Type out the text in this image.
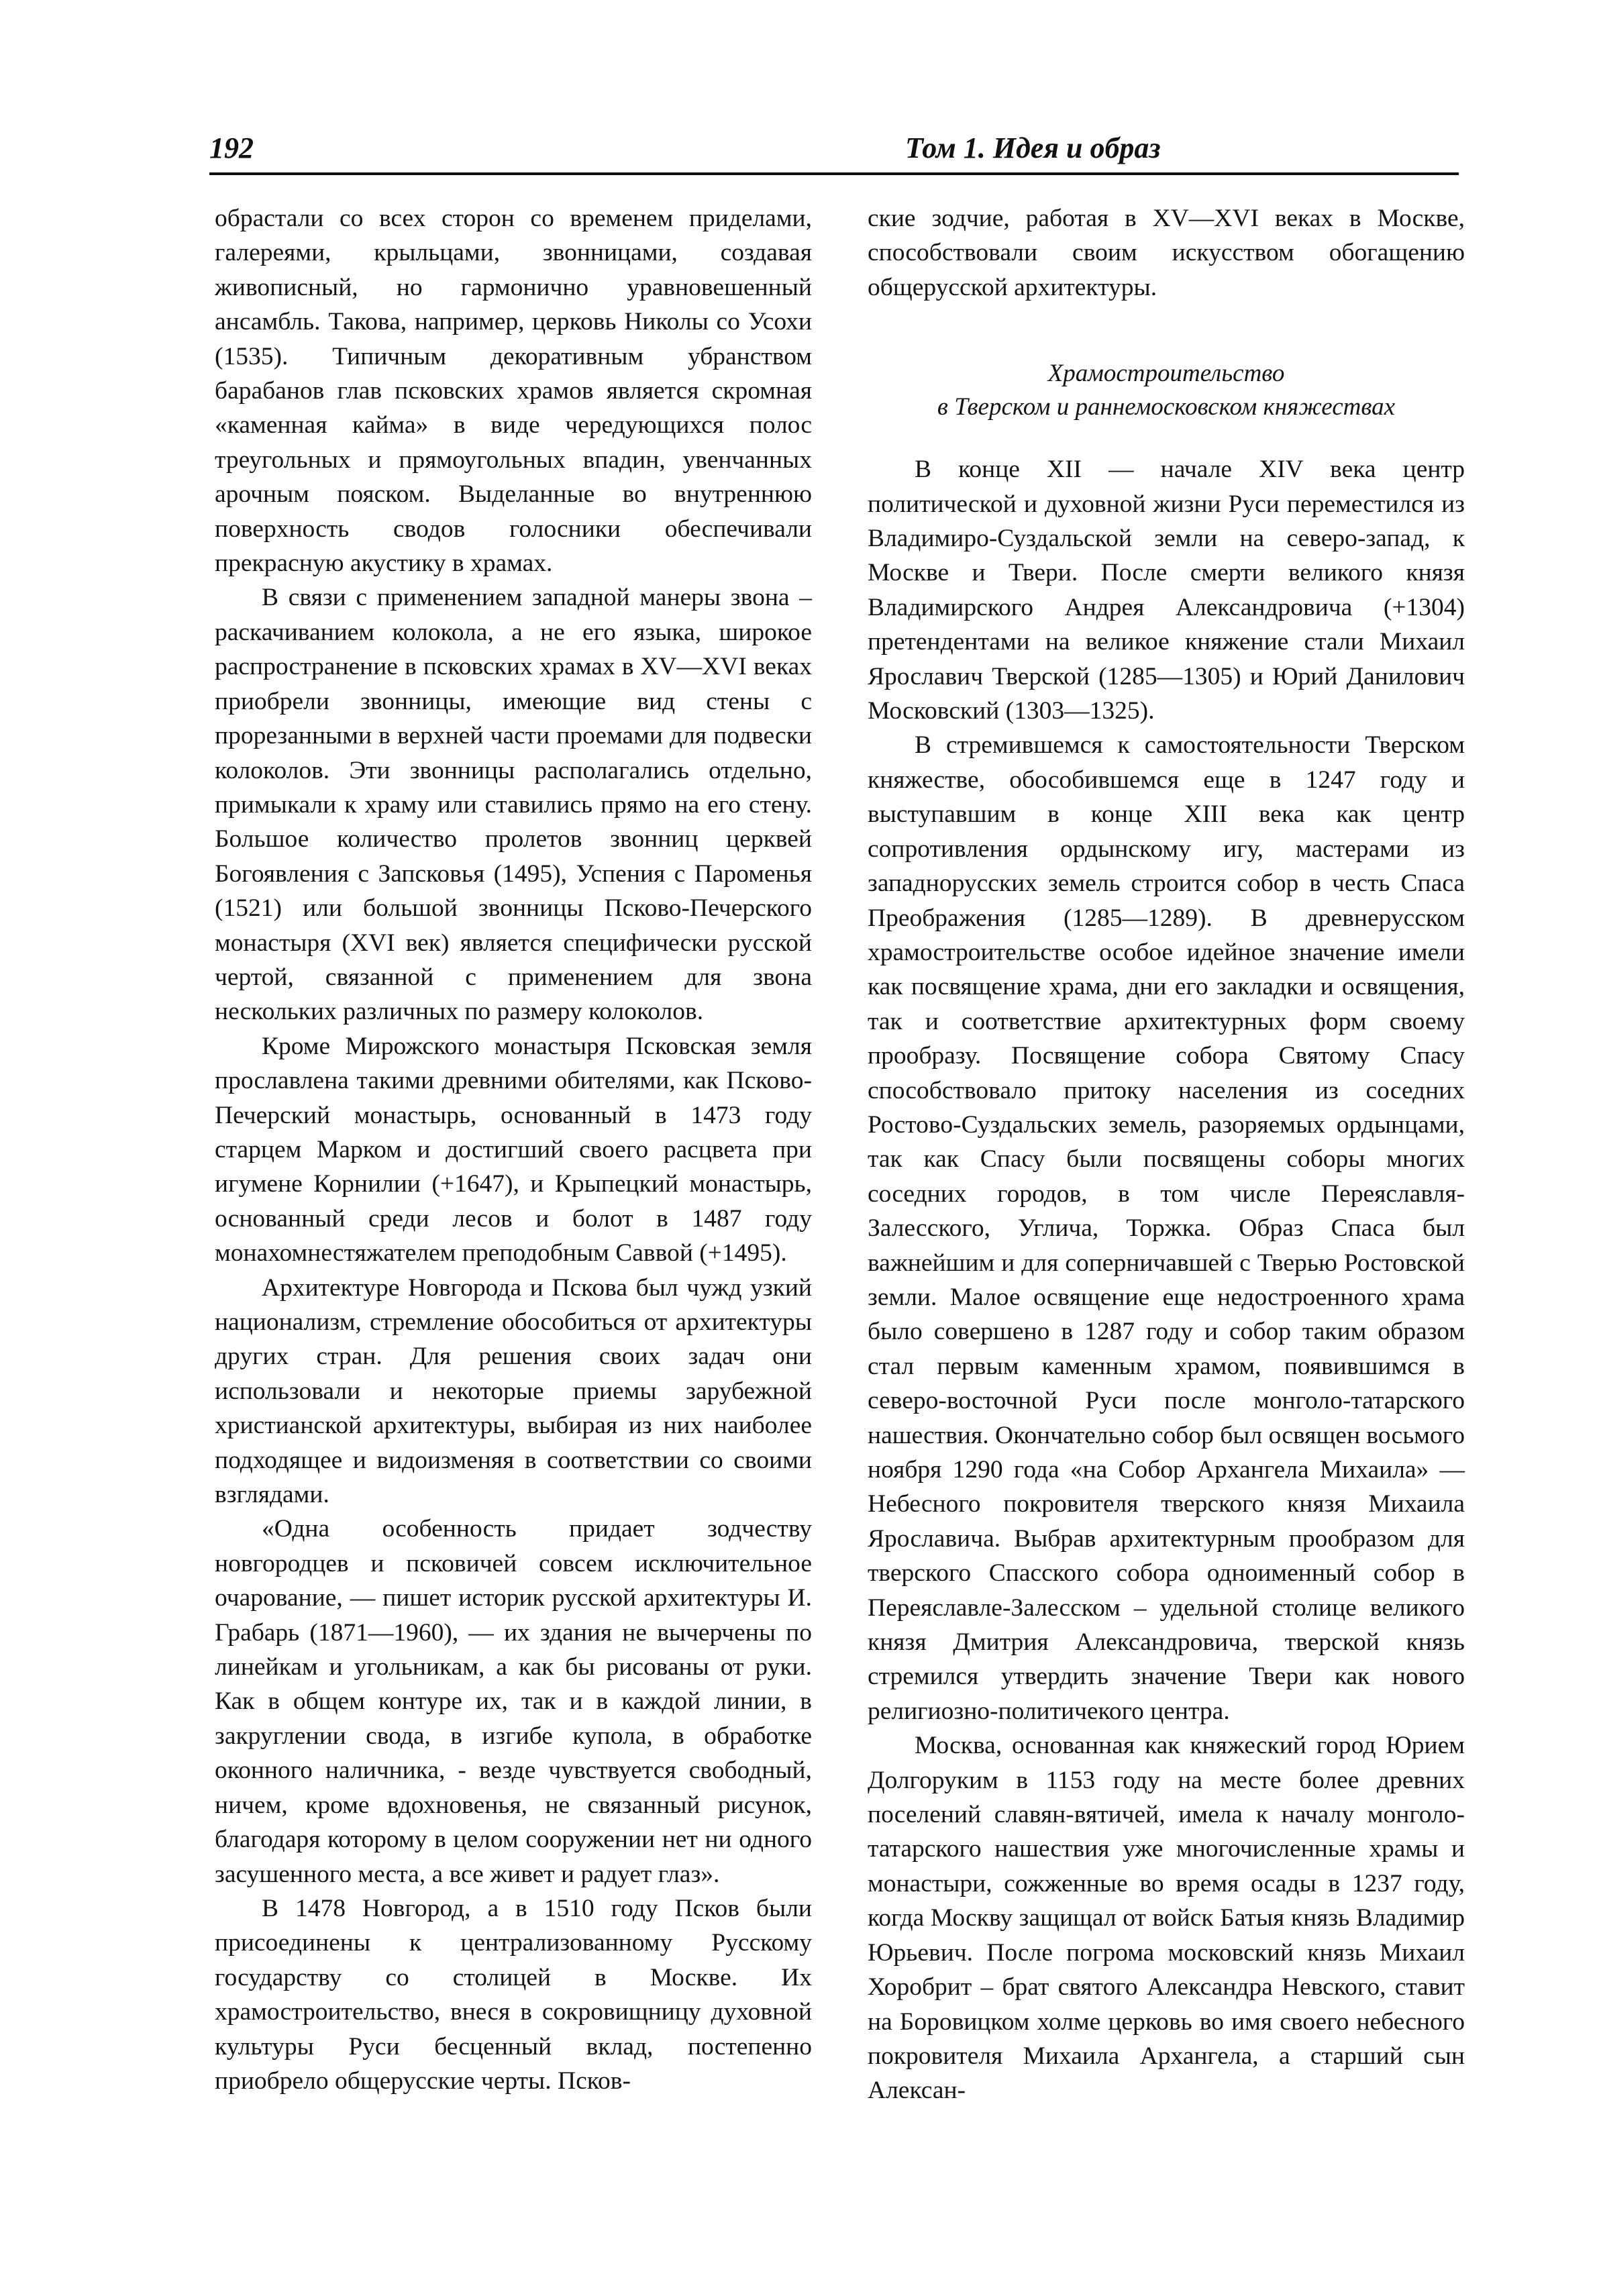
192	Том 1. Идея и образ

обрастали со всех сторон со временем приделами, галереями, крыльцами, звонницами, создавая живописный, но гармонично уравновешенный ансамбль. Такова, например, церковь Николы со Усохи (1535). Типичным декоративным убранством барабанов глав псковских храмов является скромная «каменная кайма» в виде чередующихся полос треугольных и прямоугольных впадин, увенчанных арочным пояском. Выделанные во внутреннюю поверхность сводов голосники обеспечивали прекрасную акустику в храмах.

В связи с применением западной манеры звона – раскачиванием колокола, а не его языка, широкое распространение в псковских храмах в XV—XVI веках приобрели звонницы, имеющие вид стены с прорезанными в верхней части проемами для подвески колоколов. Эти звонницы располагались отдельно, примыкали к храму или ставились прямо на его стену. Большое количество пролетов звонниц церквей Богоявления с Запсковья (1495), Успения с Пароменья (1521) или большой звонницы Псково-Печерского монастыря (XVI век) является специфически русской чертой, связанной с применением для звона нескольких различных по размеру колоколов.

Кроме Мирожского монастыря Псковская земля прославлена такими древними обителями, как Псково-Печерский монастырь, основанный в 1473 году старцем Марком и достигший своего расцвета при игумене Корнилии (+1647), и Крыпецкий монастырь, основанный среди лесов и болот в 1487 году монахомнестяжателем преподобным Саввой (+1495).

Архитектуре Новгорода и Пскова был чужд узкий национализм, стремление обособиться от архитектуры других стран. Для решения своих задач они использовали и некоторые приемы зарубежной христианской архитектуры, выбирая из них наиболее подходящее и видоизменяя в соответствии со своими взглядами.

«Одна особенность придает зодчеству новгородцев и псковичей совсем исключительное очарование, — пишет историк русской архитектуры И. Грабарь (1871—1960), — их здания не вычерчены по линейкам и угольникам, а как бы рисованы от руки. Как в общем контуре их, так и в каждой линии, в закруглении свода, в изгибе купола, в обработке оконного наличника, - везде чувствуется свободный, ничем, кроме вдохновенья, не связанный рисунок, благодаря которому в целом сооружении нет ни одного засушенного места, а все живет и радует глаз».

В 1478 Новгород, а в 1510 году Псков были присоединены к централизованному Русскому государству со столицей в Москве. Их храмостроительство, внеся в сокровищницу духовной культуры Руси бесценный вклад, постепенно приобрело общерусские черты. Псков-

ские зодчие, работая в XV—XVI веках в Москве, способствовали своим искусством обогащению общерусской архитектуры.

Храмостроительство
в Тверском и раннемосковском княжествах

В конце XII — начале XIV века центр политической и духовной жизни Руси переместился из Владимиро-Суздальской земли на северо-запад, к Москве и Твери. После смерти великого князя Владимирского Андрея Александровича (+1304) претендентами на великое княжение стали Михаил Ярославич Тверской (1285—1305) и Юрий Данилович Московский (1303—1325).

В стремившемся к самостоятельности Тверском княжестве, обособившемся еще в 1247 году и выступавшим в конце XIII века как центр сопротивления ордынскому игу, мастерами из западнорусских земель строится собор в честь Спаса Преображения (1285—1289). В древнерусском храмостроительстве особое идейное значение имели как посвящение храма, дни его закладки и освящения, так и соответствие архитектурных форм своему прообразу. Посвящение собора Святому Спасу способствовало притоку населения из соседних Ростово-Суздальских земель, разоряемых ордынцами, так как Спасу были посвящены соборы многих соседних городов, в том числе Переяславля-Залесского, Углича, Торжка. Образ Спаса был важнейшим и для соперничавшей с Тверью Ростовской земли. Малое освящение еще недостроенного храма было совершено в 1287 году и собор таким образом стал первым каменным храмом, появившимся в северо-восточной Руси после монголо-татарского нашествия. Окончательно собор был освящен восьмого ноября 1290 года «на Собор Архангела Михаила» — Небесного покровителя тверского князя Михаила Ярославича. Выбрав архитектурным прообразом для тверского Спасского собора одноименный собор в Переяславле-Залесском – удельной столице великого князя Дмитрия Александровича, тверской князь стремился утвердить значение Твери как нового религиозно-политичекого центра.

Москва, основанная как княжеский город Юрием Долгоруким в 1153 году на месте более древних поселений славян-вятичей, имела к началу монголо-татарского нашествия уже многочисленные храмы и монастыри, сожженные во время осады в 1237 году, когда Москву защищал от войск Батыя князь Владимир Юрьевич. После погрома московский князь Михаил Хоробрит – брат святого Александра Невского, ставит на Боровицком холме церковь во имя своего небесного покровителя Михаила Архангела, а старший сын Алексан-
